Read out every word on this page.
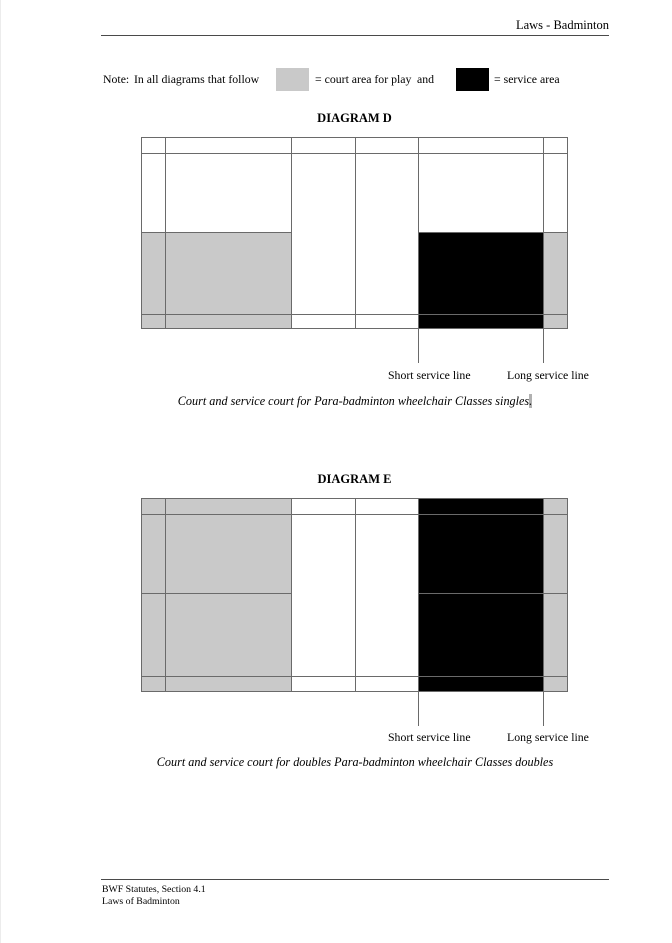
Laws - Badminton
Note: In all diagrams that follow	= court area for play and	= service area
DIAGRAM D
Short service line	Long service line
Court and service court for Para-badminton wheelchair Classes singles.
DIAGRAM E
Short service line	Long service line
Court and service court for doubles Para-badminton wheelchair Classes doubles
BWF Statutes, Section 4.1
Laws of Badminton
